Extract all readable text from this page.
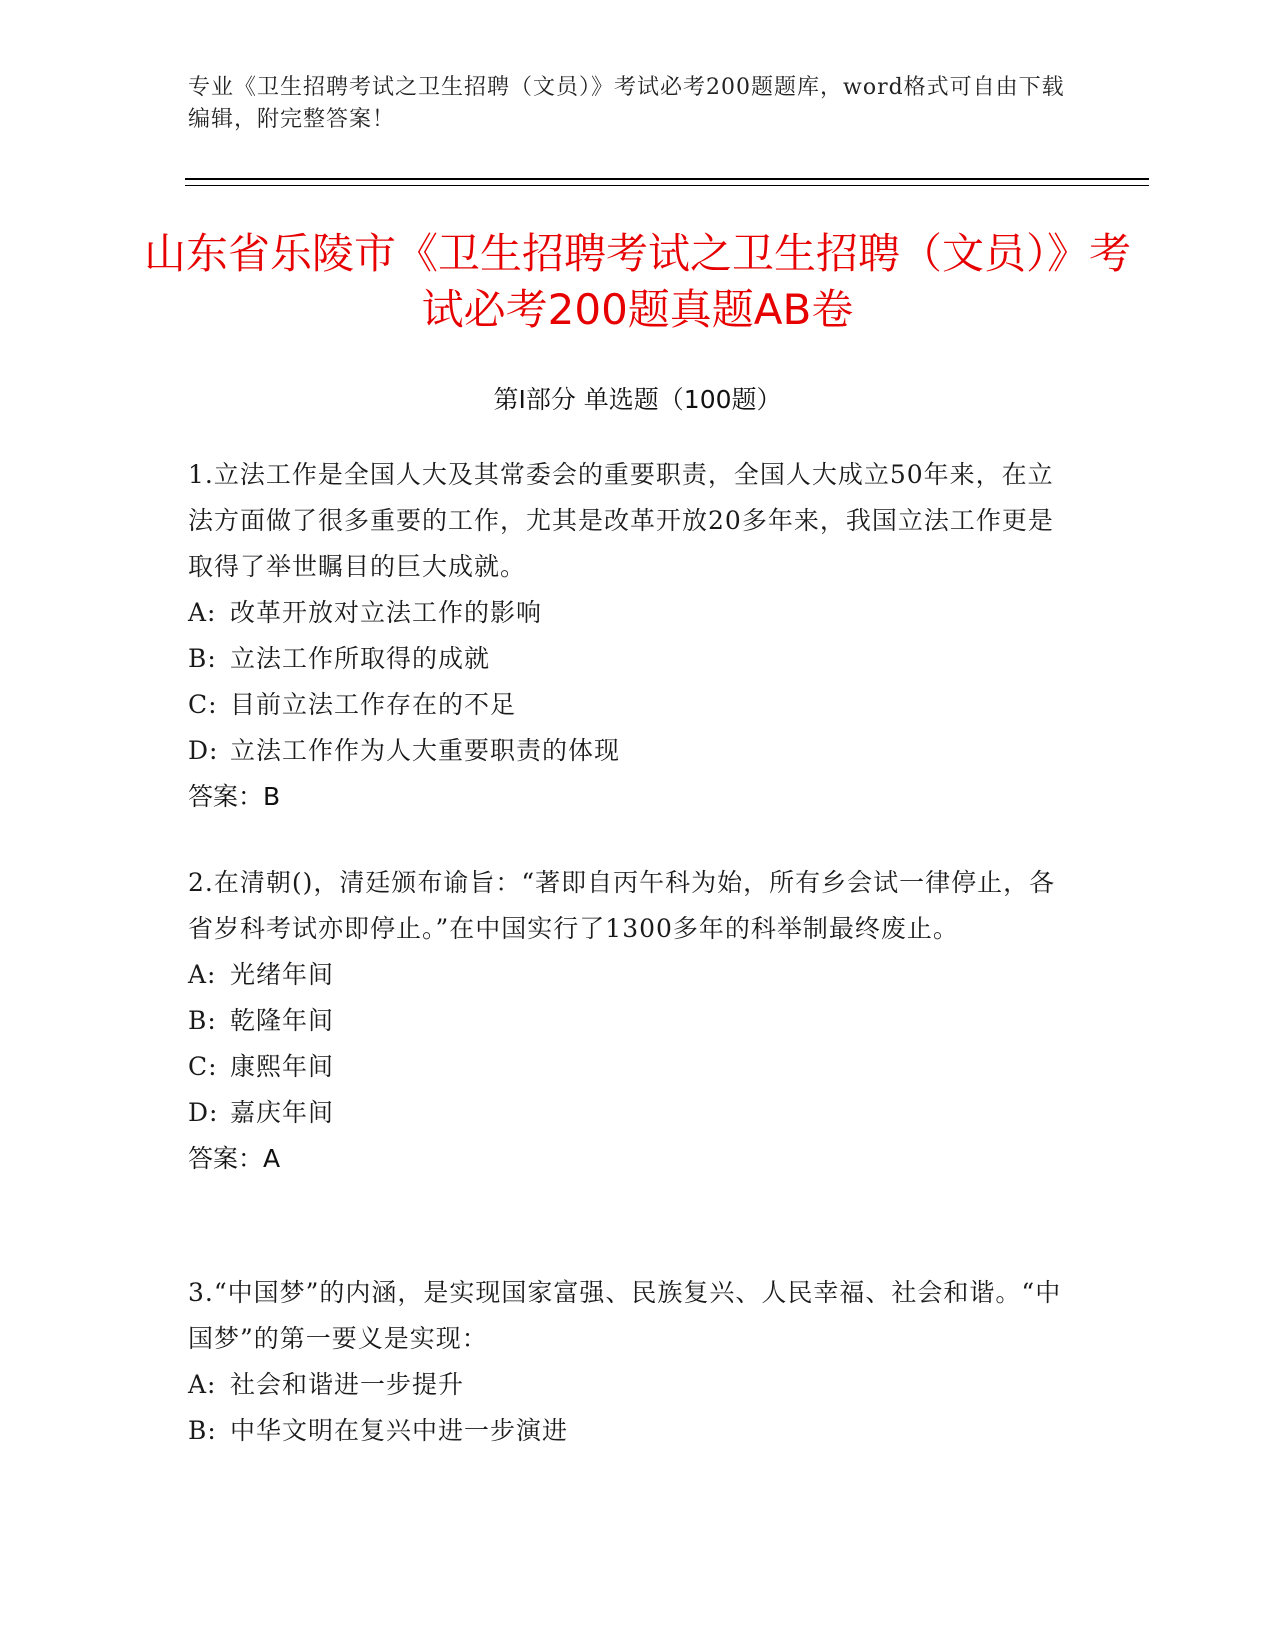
专业《卫生招聘考试之卫生招聘（文员）》考试必考200题题库，word格式可自由下载编辑，附完整答案！
山东省乐陵市《卫生招聘考试之卫生招聘（文员）》考试必考200题真题AB卷
第I部分 单选题（100题）

1.立法工作是全国人大及其常委会的重要职责，全国人大成立50年来，在立法方面做了很多重要的工作，尤其是改革开放20多年来，我国立法工作更是取得了举世瞩目的巨大成就。

A: 改革开放对立法工作的影响

B: 立法工作所取得的成就

C: 目前立法工作存在的不足

D: 立法工作作为人大重要职责的体现

答案：B

2.在清朝()，清廷颁布谕旨：“著即自丙午科为始，所有乡会试一律停止，各省岁科考试亦即停止。”在中国实行了1300多年的科举制最终废止。

A: 光绪年间

B: 乾隆年间

C: 康熙年间

D: 嘉庆年间

答案：A

3.“中国梦”的内涵，是实现国家富强、民族复兴、人民幸福、社会和谐。“中国梦”的第一要义是实现：

A: 社会和谐进一步提升

B: 中华文明在复兴中进一步演进
